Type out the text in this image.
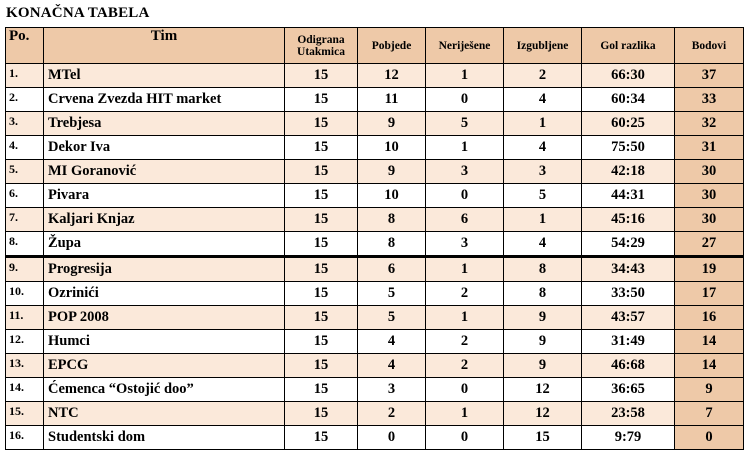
KONAČNA TABELA
Po.	Tim	Odigrana Utakmica	Pobjede	Neriješene	Izgubljene	Gol razlika	Bodovi
1.	MTel	15	12	1	2	66:30	37
2.	Crvena Zvezda HIT market	15	11	0	4	60:34	33
3.	Trebjesa	15	9	5	1	60:25	32
4.	Dekor Iva	15	10	1	4	75:50	31
5.	MI Goranović	15	9	3	3	42:18	30
6.	Pivara	15	10	0	5	44:31	30
7.	Kaljari Knjaz	15	8	6	1	45:16	30
8.	Župa	15	8	3	4	54:29	27
9.	Progresija	15	6	1	8	34:43	19
10.	Ozrinići	15	5	2	8	33:50	17
11.	POP 2008	15	5	1	9	43:57	16
12.	Humci	15	4	2	9	31:49	14
13.	EPCG	15	4	2	9	46:68	14
14.	Ćemenca “Ostojić doo”	15	3	0	12	36:65	9
15.	NTC	15	2	1	12	23:58	7
16.	Studentski dom	15	0	0	15	9:79	0
